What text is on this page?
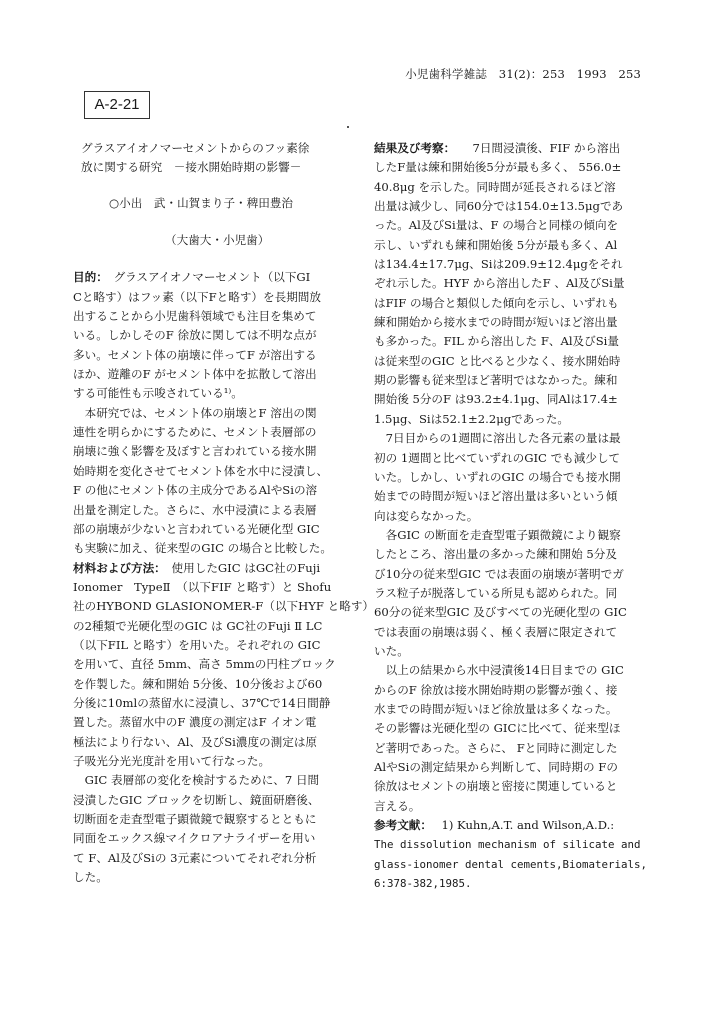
小児歯科学雑誌　31(2)：253　1993　253
A-2-21

グラスアイオノマーセメントからのフッ素徐

放に関する研究　－接水開始時期の影響－

○小出　武・山賀まり子・稗田豊治

（大歯大・小児歯）

目的：　グラスアイオノマーセメント（以下GI

Cと略す）はフッ素（以下Fと略す）を長期間放

出することから小児歯科領域でも注目を集めて

いる。しかしそのF 徐放に関しては不明な点が

多い。セメント体の崩壊に伴ってF が溶出する

ほか、遊離のF がセメント体中を拡散して溶出

する可能性も示唆されている¹⁾。

　本研究では、セメント体の崩壊とF 溶出の関

連性を明らかにするために、セメント表層部の

崩壊に強く影響を及ぼすと言われている接水開

始時期を変化させてセメント体を水中に浸漬し、

F の他にセメント体の主成分であるAlやSiの溶

出量を測定した。さらに、水中浸漬による表層

部の崩壊が少ないと言われている光硬化型 GIC

も実験に加え、従来型のGIC の場合と比較した。

材料および方法：　使用したGIC はGC社のFuji

Ionomer　TypeⅡ　（以下FIF と略す）と Shofu

社のHYBOND GLASIONOMER-F（以下HYF と略す）

の2種類で光硬化型のGIC は GC社のFuji Ⅱ LC

（以下FIL と略す）を用いた。それぞれの GIC

を用いて、直径 5mm、高さ 5mmの円柱ブロック

を作製した。練和開始 5分後、10分後および60

分後に10mlの蒸留水に浸漬し、37℃で14日間静

置した。蒸留水中のF 濃度の測定はF イオン電

極法により行ない、Al、及びSi濃度の測定は原

子吸光分光光度計を用いて行なった。

　GIC 表層部の変化を検討するために、7 日間

浸漬したGIC ブロックを切断し、鏡面研磨後、

切断面を走査型電子顕微鏡で観察するとともに

同面をエックス線マイクロアナライザーを用い

て F、Al及びSiの 3元素についてそれぞれ分析

した。

結果及び考察：　　7日間浸漬後、FIF から溶出

したF量は練和開始後5分が最も多く、 556.0±

40.8μg を示した。同時間が延長されるほど溶

出量は減少し、同60分では154.0±13.5μgであ

った。Al及びSi量は、F の場合と同様の傾向を

示し、いずれも練和開始後 5分が最も多く、Al

は134.4±17.7μg、Siは209.9±12.4μgをそれ

ぞれ示した。HYF から溶出したF 、Al及びSi量

はFIF の場合と類似した傾向を示し、いずれも

練和開始から接水までの時間が短いほど溶出量

も多かった。FIL から溶出した F、Al及びSi量

は従来型のGIC と比べると少なく、接水開始時

期の影響も従来型ほど著明ではなかった。練和

開始後 5分のF は93.2±4.1μg、同Alは17.4±

1.5μg、Siは52.1±2.2μgであった。

　7日目からの1週間に溶出した各元素の量は最

初の 1週間と比べていずれのGIC でも減少して

いた。しかし、いずれのGIC の場合でも接水開

始までの時間が短いほど溶出量は多いという傾

向は変らなかった。

　各GIC の断面を走査型電子顕微鏡により観察

したところ、溶出量の多かった練和開始 5分及

び10分の従来型GIC では表面の崩壊が著明でガ

ラス粒子が脱落している所見も認められた。同

60分の従来型GIC 及びすべての光硬化型の GIC

では表面の崩壊は弱く、極く表層に限定されて

いた。

　以上の結果から水中浸漬後14日目までの GIC

からのF 徐放は接水開始時期の影響が強く、接

水までの時間が短いほど徐放量は多くなった。

その影響は光硬化型の GICに比べて、従来型ほ

ど著明であった。さらに、 Fと同時に測定した

AlやSiの測定結果から判断して、同時期の Fの

徐放はセメントの崩壊と密接に関連していると

言える。

参考文献：　 1) Kuhn,A.T. and Wilson,A.D.:

The dissolution mechanism of silicate and

glass-ionomer dental cements,Biomaterials,

6:378-382,1985.
